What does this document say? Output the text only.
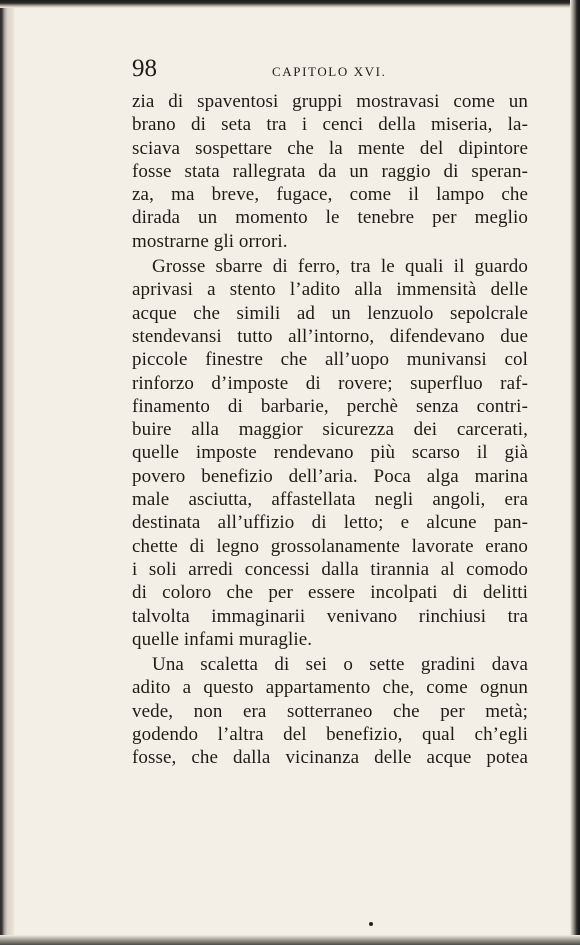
98	CAPITOLO XVI.
zia di spaventosi gruppi mostravasi come un
brano di seta tra i cenci della miseria, la-
sciava sospettare che la mente del dipintore
fosse stata rallegrata da un raggio di speran-
za, ma breve, fugace, come il lampo che
dirada un momento le tenebre per meglio
mostrarne gli orrori.
Grosse sbarre di ferro, tra le quali il guardo
aprivasi a stento l’adito alla immensità delle
acque che simili ad un lenzuolo sepolcrale
stendevansi tutto all’intorno, difendevano due
piccole finestre che all’uopo munivansi col
rinforzo d’imposte di rovere; superfluo raf-
finamento di barbarie, perchè senza contri-
buire alla maggior sicurezza dei carcerati,
quelle imposte rendevano più scarso il già
povero benefizio dell’aria. Poca alga marina
male asciutta, affastellata negli angoli, era
destinata all’uffizio di letto; e alcune pan-
chette di legno grossolanamente lavorate erano
i soli arredi concessi dalla tirannia al comodo
di coloro che per essere incolpati di delitti
talvolta immaginarii venivano rinchiusi tra
quelle infami muraglie.
Una scaletta di sei o sette gradini dava
adito a questo appartamento che, come ognun
vede, non era sotterraneo che per metà;
godendo l’altra del benefizio, qual ch’egli
fosse, che dalla vicinanza delle acque potea
